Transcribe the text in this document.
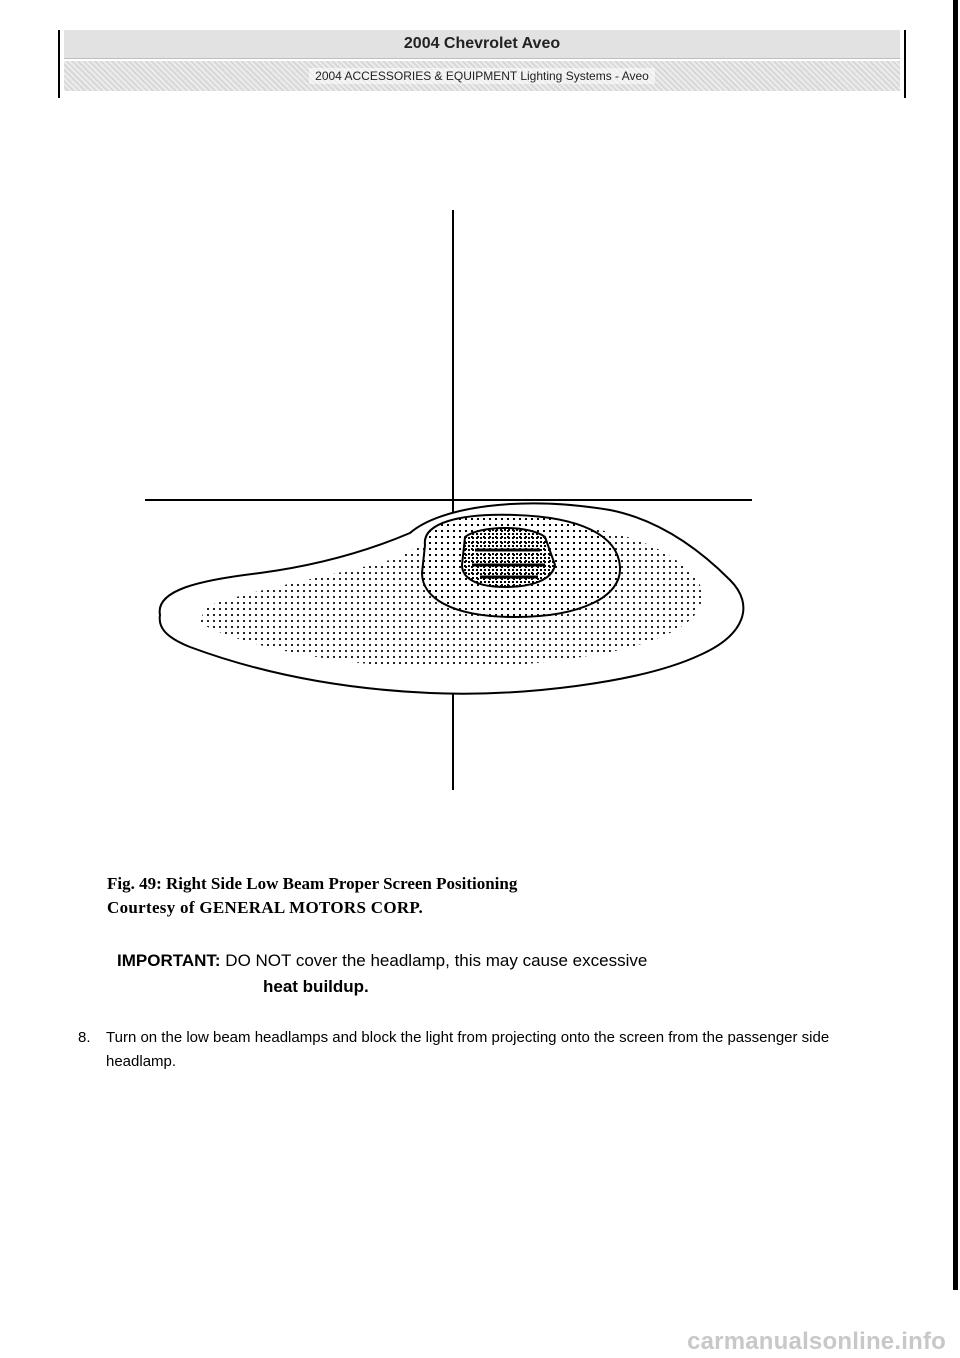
2004 Chevrolet Aveo
2004 ACCESSORIES & EQUIPMENT Lighting Systems - Aveo
Fig. 49: Right Side Low Beam Proper Screen Positioning
Courtesy of GENERAL MOTORS CORP.
IMPORTANT: DO NOT cover the headlamp, this may cause excessive
heat buildup.
8. Turn on the low beam headlamps and block the light from projecting onto the screen from the passenger side headlamp.
carmanualsonline.info
